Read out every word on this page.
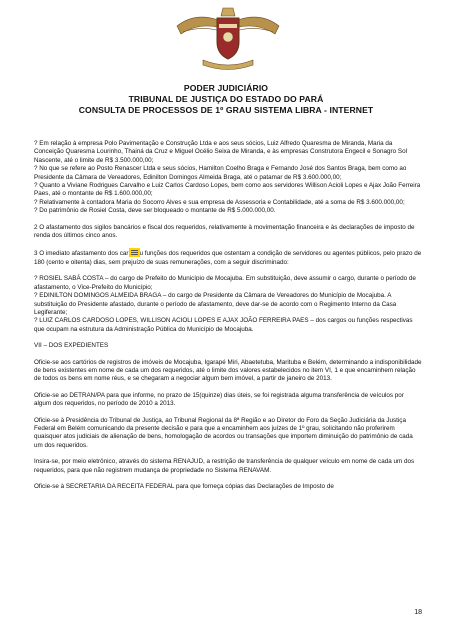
PODER JUDICIÁRIO
TRIBUNAL DE JUSTIÇA DO ESTADO DO PARÁ
CONSULTA DE PROCESSOS DE 1º GRAU SISTEMA LIBRA - INTERNET

? Em relação à empresa Polo Pavimentação e Construção Ltda e aos seus sócios, Luiz Alfredo Quaresma de Miranda, Maria da Conceição Quaresma Lourinho, Thainá da Cruz e Miguel Océlio Seixa de Miranda, e às empresas Construtora Engecil e Sonagro Sol Nascente, até o limite de R$ 3.500.000,00;

? No que se refere ao Posto Renascer Ltda e seus sócios, Hamilton Coelho Braga e Fernando José dos Santos Braga, bem como ao Presidente da Câmara de Vereadores, Edinilton Domingos Almeida Braga, até o patamar de R$ 3.600.000,00;

? Quanto a Viviane Rodrigues Carvalho e Luiz Carlos Cardoso Lopes, bem como aos servidores Willison Acioli Lopes e Ajax João Ferreira Paes, até o montante de R$ 1.600.000,00;

? Relativamente à contadora Maria do Socorro Alves e sua empresa de Assessoria e Contabilidade, até a soma de R$ 3.600.000,00;

? Do patrimônio de Rosiel Costa, deve ser bloqueado o montante de R$ 5.000.000,00.

2 O afastamento dos sigilos bancários e fiscal dos requeridos, relativamente à movimentação financeira e às declarações de imposto de renda dos últimos cinco anos.

3 O imediato afastamento dos car u funções dos requeridos que ostentam a condição de servidores ou agentes públicos, pelo prazo de 180 (cento e oitenta) dias, sem prejuízo de suas remunerações, com a seguir discriminado:

? ROSIEL SABÁ COSTA – do cargo de Prefeito do Município de Mocajuba. Em substituição, deve assumir o cargo, durante o período de afastamento, o Vice-Prefeito do Município;

? EDINILTON DOMINGOS ALMEIDA BRAGA – do cargo de Presidente da Câmara de Vereadores do Município de Mocajuba. A substituição do Presidente afastado, durante o período de afastamento, deve dar-se de acordo com o Regimento Interno da Casa Legiferante;

? LUIZ CARLOS CARDOSO LOPES, WILLISON ACIOLI LOPES E AJAX JOÃO FERREIRA PAES – dos cargos ou funções respectivas que ocupam na estrutura da Administração Pública do Município de Mocajuba.

VII – DOS EXPEDIENTES

Oficie-se aos cartórios de registros de imóveis de Mocajuba, Igarapé Miri, Abaetetuba, Marituba e Belém, determinando a indisponibilidade de bens existentes em nome de cada um dos requeridos, até o limite dos valores estabelecidos no item VI, 1 e que encaminhem relação de todos os bens em nome réus, e se chegaram a negociar algum bem imóvel, a partir de janeiro de 2013.

Oficie-se ao DETRAN/PA para que informe, no prazo de 15(quinze) dias úteis, se foi registrada alguma transferência de veículos por algum dos requeridos, no período de 2010 a 2013.

Oficie-se à Presidência do Tribunal de Justiça, ao Tribunal Regional da 8ª Região e ao Diretor do Foro da Seção Judiciária da Justiça Federal em Belém comunicando da presente decisão e para que a encaminhem aos juízes de 1º grau, solicitando não proferirem quaisquer atos judiciais de alienação de bens, homologação de acordos ou transações que importem diminuição do patrimônio de cada um dos requeridos.

Insira-se, por meio eletrônico, através do sistema RENAJUD, a restrição de transferência de qualquer veículo em nome de cada um dos requeridos, para que não registrem mudança de propriedade no Sistema RENAVAM.

Oficie-se à SECRETARIA DA RECEITA FEDERAL para que forneça cópias das Declarações de Imposto de

18
